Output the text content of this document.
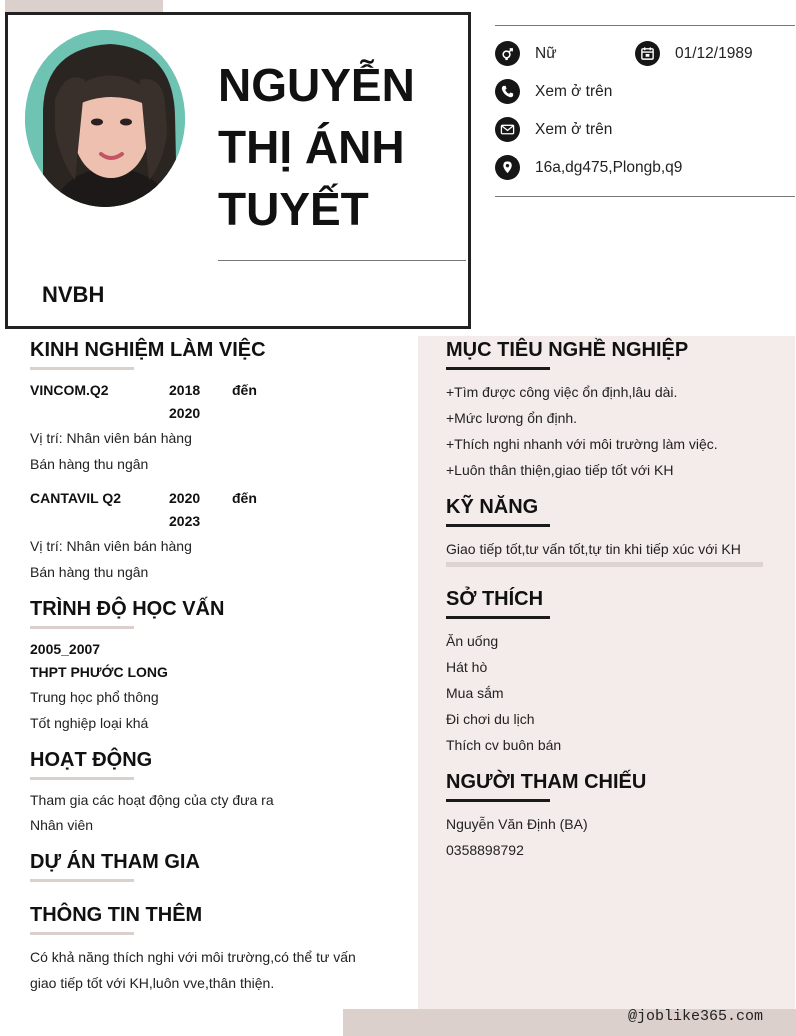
NGUYỄN
THỊ ÁNH
TUYẾT
NVBH
Nữ	01/12/1989
Xem ở trên
Xem ở trên
16a,dg475,Plongb,q9
KINH NGHIỆM LÀM VIỆC
VINCOM.Q2	2018 đến
2020
Vị trí: Nhân viên bán hàng
Bán hàng thu ngân
CANTAVIL Q2	2020 đến
2023
Vị trí: Nhân viên bán hàng
Bán hàng thu ngân
TRÌNH ĐỘ HỌC VẤN
2005_2007
THPT PHƯỚC LONG
Trung học phổ thông
Tốt nghiệp loại khá
HOẠT ĐỘNG
Tham gia các hoạt động của cty đưa ra
Nhân viên
DỰ ÁN THAM GIA
THÔNG TIN THÊM
Có khả năng thích nghi với môi trường,có thể tư vấn
giao tiếp tốt với KH,luôn vve,thân thiện.
MỤC TIÊU NGHỀ NGHIỆP
+Tìm được công việc ổn định,lâu dài.
+Mức lương ổn định.
+Thích nghi nhanh với môi trường làm việc.
+Luôn thân thiện,giao tiếp tốt với KH
KỸ NĂNG
Giao tiếp tốt,tư vấn tốt,tự tin khi tiếp xúc với KH
SỞ THÍCH
Ăn uống
Hát hò
Mua sắm
Đi chơi du lịch
Thích cv buôn bán
NGƯỜI THAM CHIẾU
Nguyễn Văn Định (BA)
0358898792
@joblike365.com
